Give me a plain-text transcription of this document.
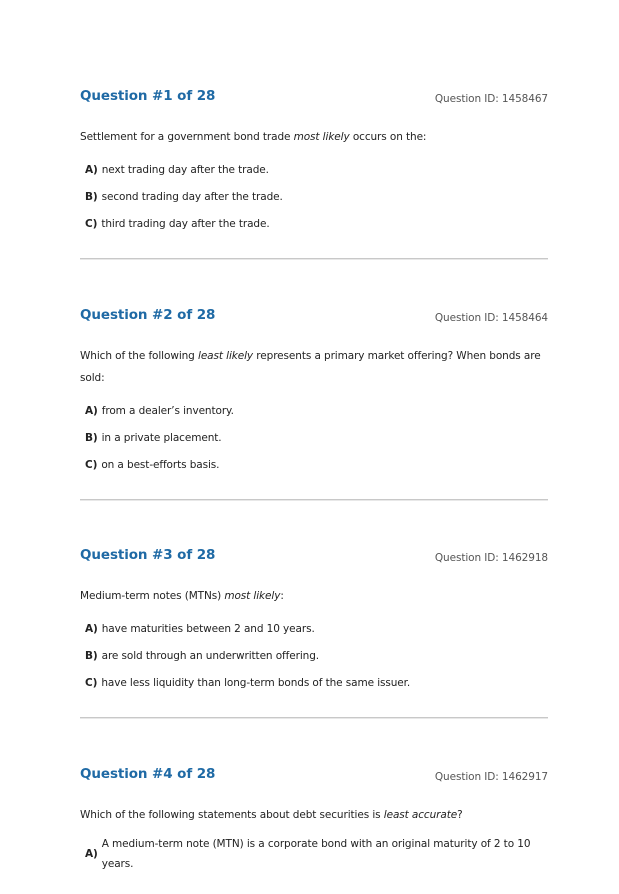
Question #1 of 28	Question ID: 1458467
Settlement for a government bond trade most likely occurs on the:
A) next trading day after the trade.
B) second trading day after the trade.
C) third trading day after the trade.
Question #2 of 28	Question ID: 1458464
Which of the following least likely represents a primary market offering? When bonds are sold:
A) from a dealer’s inventory.
B) in a private placement.
C) on a best-efforts basis.
Question #3 of 28	Question ID: 1462918
Medium-term notes (MTNs) most likely:
A) have maturities between 2 and 10 years.
B) are sold through an underwritten offering.
C) have less liquidity than long-term bonds of the same issuer.
Question #4 of 28	Question ID: 1462917
Which of the following statements about debt securities is least accurate?
A)
A medium-term note (MTN) is a corporate bond with an original maturity of 2 to 10 years.
